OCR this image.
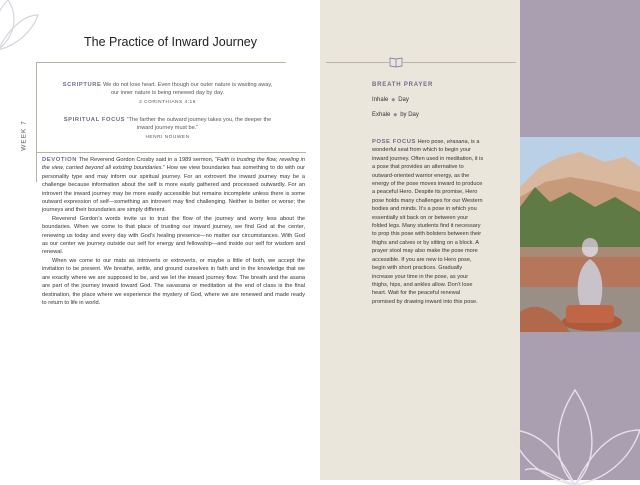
The Practice of Inward Journey
WEEK 7
SCRIPTURE We do not lose heart. Even though our outer nature is wasting away, our inner nature is being renewed day by day.
2 CORINTHIANS 4:16
SPIRITUAL FOCUS “The farther the outward journey takes you, the deeper the inward journey must be.”
HENRI NOUWEN

DEVOTION The Reverend Gordon Crosby said in a 1989 sermon, “Faith is trusting the flow, reveling in the view, carried beyond all existing boundaries.” How we view boundaries has something to do with our personality type and may inform our spiritual journey. For an extrovert the inward journey may be a challenge because information about the self is more easily gathered and processed outwardly. For an introvert the inward journey may be more easily accessible but remains incomplete unless there is some outward expression of self—something an introvert may find challenging. Neither is better or worse; the journeys and their boundaries are simply different.

Reverend Gordon’s words invite us to trust the flow of the journey and worry less about the boundaries. When we come to that place of trusting our inward journey, we find God at the center, renewing us today and every day with God’s healing presence—no matter our circumstances. With God as our center we journey outside our self for energy and fellowship—and inside our self for wisdom and renewal.

When we come to our mats as introverts or extroverts, or maybe a little of both, we accept the invitation to be present. We breathe, settle, and ground ourselves in faith and in the knowledge that we are exactly where we are supposed to be, and we let the inward journey flow. The breath and the asana are part of the journey inward toward God. The savasana or meditation at the end of class is the final destination, the place where we experience the mystery of God, where we are renewed and made ready to return to life in world.

BREATH PRAYER
Inhale ◆ Day
Exhale ◆ by Day
POSE FOCUS Hero pose, virasana, is a wonderful seat from which to begin your inward journey. Often used in meditation, it is a pose that provides an alternative to outward-oriented warrior energy, as the energy of the pose moves inward to produce a peaceful Hero. Despite its promise, Hero pose holds many challenges for our Western bodies and minds. It’s a pose in which you essentially sit back on or between your folded legs. Many students find it necessary to prop this pose with bolsters between their thighs and calves or by sitting on a block. A prayer stool may also make the pose more accessible. If you are new to Hero pose, begin with short practices. Gradually increase your time in the pose, as your thighs, hips, and ankles allow. Don’t lose heart. Wait for the peaceful renewal promised by drawing inward into this pose.
